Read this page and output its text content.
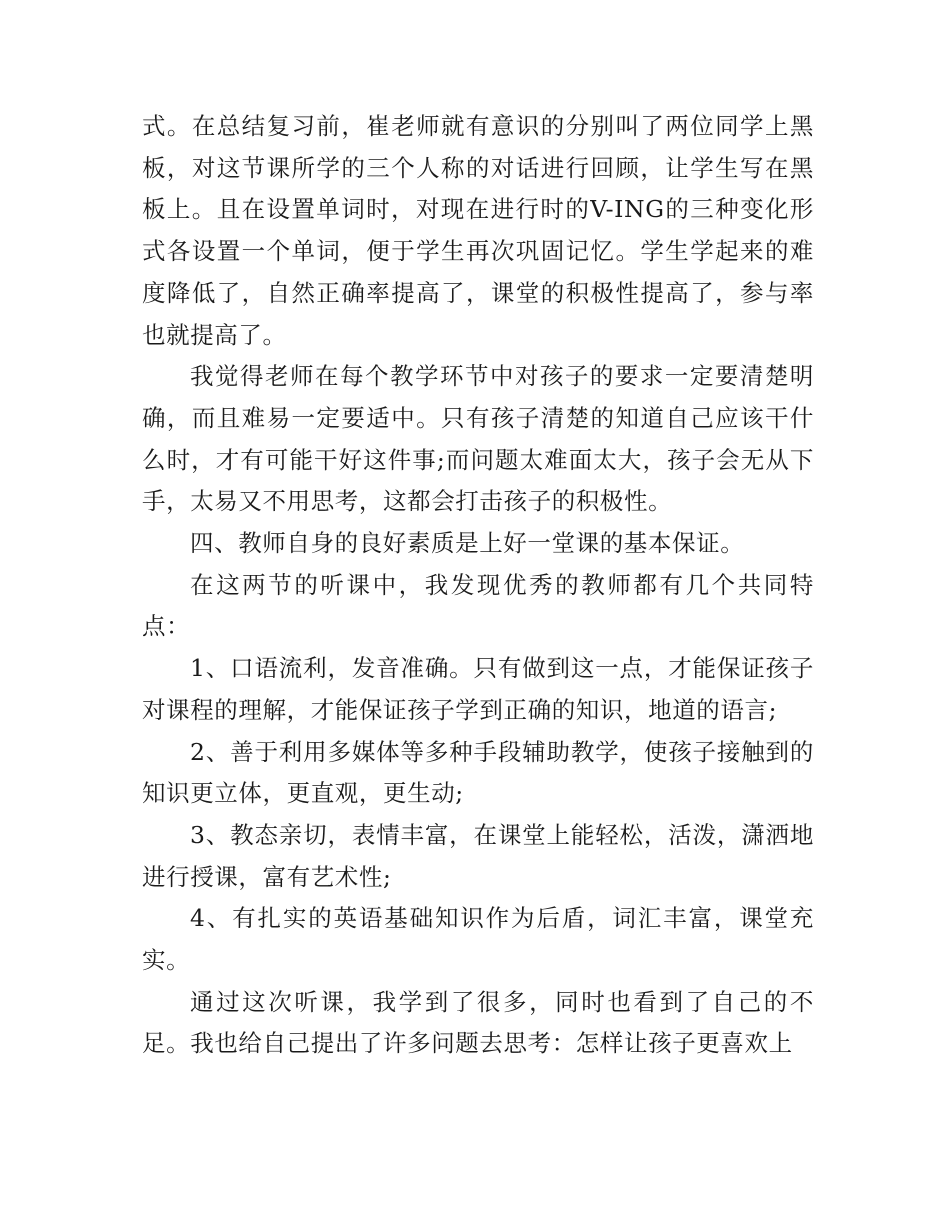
式。在总结复习前，崔老师就有意识的分别叫了两位同学上黑板，对这节课所学的三个人称的对话进行回顾，让学生写在黑板上。且在设置单词时，对现在进行时的V-ING的三种变化形式各设置一个单词，便于学生再次巩固记忆。学生学起来的难度降低了，自然正确率提高了，课堂的积极性提高了，参与率也就提高了。

我觉得老师在每个教学环节中对孩子的要求一定要清楚明确，而且难易一定要适中。只有孩子清楚的知道自己应该干什么时，才有可能干好这件事;而问题太难面太大，孩子会无从下手，太易又不用思考，这都会打击孩子的积极性。

四、教师自身的良好素质是上好一堂课的基本保证。

在这两节的听课中，我发现优秀的教师都有几个共同特点：

1、口语流利，发音准确。只有做到这一点，才能保证孩子对课程的理解，才能保证孩子学到正确的知识，地道的语言;

2、善于利用多媒体等多种手段辅助教学，使孩子接触到的知识更立体，更直观，更生动;

3、教态亲切，表情丰富，在课堂上能轻松，活泼，潇洒地进行授课，富有艺术性;

4、有扎实的英语基础知识作为后盾，词汇丰富，课堂充实。

通过这次听课，我学到了很多，同时也看到了自己的不足。我也给自己提出了许多问题去思考：怎样让孩子更喜欢上
